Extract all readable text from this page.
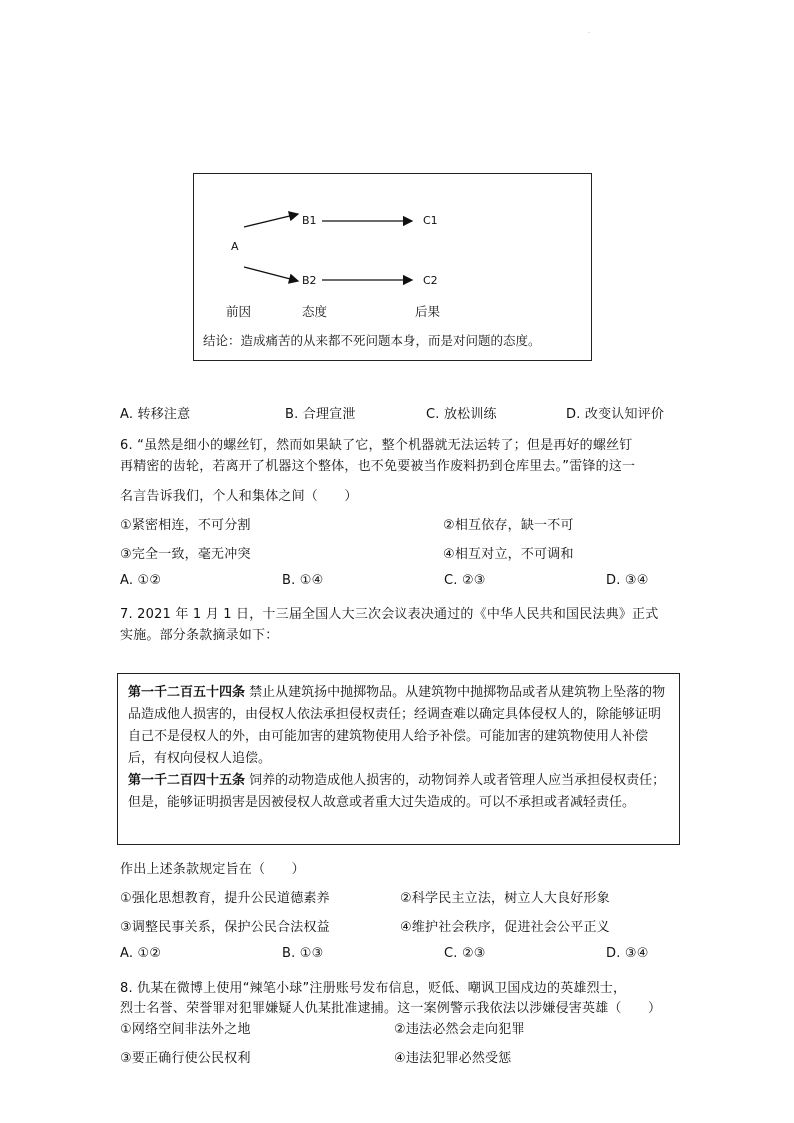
·
A
B1
B2
C1
C2
前因	态度	后果
结论：造成痛苦的从来都不死问题本身，而是对问题的态度。
A. 转移注意	B. 合理宣泄	C. 放松训练	D. 改变认知评价
6. “虽然是细小的螺丝钉，然而如果缺了它，整个机器就无法运转了；但是再好的螺丝钉
再精密的齿轮，若离开了机器这个整体，也不免要被当作废料扔到仓库里去。”雷锋的这一
名言告诉我们，个人和集体之间（　　）
①紧密相连，不可分割	②相互依存，缺一不可
③完全一致，毫无冲突	④相互对立，不可调和
A. ①②	B. ①④	C. ②③	D. ③④
7. 2021 年 1 月 1 日，十三届全国人大三次会议表决通过的《中华人民共和国民法典》正式
实施。部分条款摘录如下：
第一千二百五十四条 禁止从建筑扬中抛掷物品。从建筑物中抛掷物品或者从建筑物上坠落的物品造成他人损害的，由侵权人依法承担侵权责任；经调查难以确定具体侵权人的，除能够证明自己不是侵权人的外，由可能加害的建筑物使用人给予补偿。可能加害的建筑物使用人补偿后，有权向侵权人追偿。
第一千二百四十五条 饲养的动物造成他人损害的，动物饲养人或者管理人应当承担侵权责任；但是，能够证明损害是因被侵权人故意或者重大过失造成的。可以不承担或者减轻责任。
作出上述条款规定旨在（　　）
①强化思想教育，提升公民道德素养	②科学民主立法，树立人大良好形象
③调整民事关系，保护公民合法权益	④维护社会秩序，促进社会公平正义
A. ①②	B. ①③	C. ②③	D. ③④
8. 仇某在微博上使用“辣笔小球”注册账号发布信息，贬低、嘲讽卫国戍边的英雄烈士，
烈士名誉、荣誉罪对犯罪嫌疑人仇某批准逮捕。这一案例警示我依法以涉嫌侵害英雄（　　）
①网络空间非法外之地	②违法必然会走向犯罪
③要正确行使公民权利	④违法犯罪必然受惩
